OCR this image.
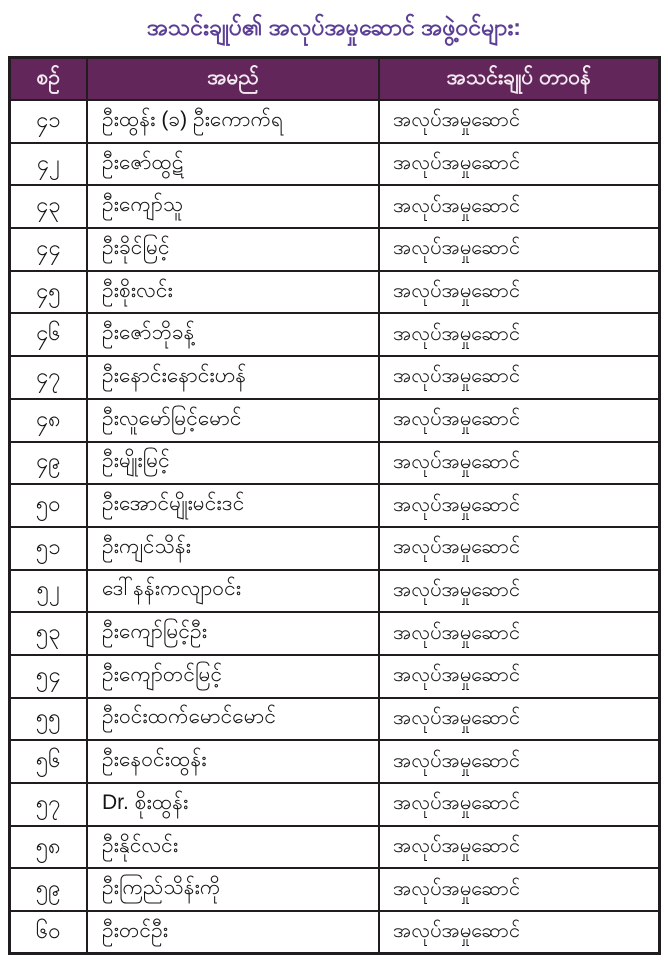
အသင်းချုပ်၏ အလုပ်အမှုဆောင် အဖွဲ့ဝင်များ:
စဉ်	အမည်	အသင်းချုပ် တာဝန်
၄၁	ဦးထွန်း (ခ) ဦးကောက်ရ	အလုပ်အမှုဆောင်
၄၂	ဦးဇော်ထွဋ်	အလုပ်အမှုဆောင်
၄၃	ဦးကျော်သူ	အလုပ်အမှုဆောင်
၄၄	ဦးခိုင်မြင့်	အလုပ်အမှုဆောင်
၄၅	ဦးစိုးလင်း	အလုပ်အမှုဆောင်
၄၆	ဦးဇော်ဘိုခန့်	အလုပ်အမှုဆောင်
၄၇	ဦးနောင်းနောင်းဟန်	အလုပ်အမှုဆောင်
၄၈	ဦးလူမော်မြင့်မောင်	အလုပ်အမှုဆောင်
၄၉	ဦးမျိုးမြင့်	အလုပ်အမှုဆောင်
၅၀	ဦးအောင်မျိုးမင်းဒင်	အလုပ်အမှုဆောင်
၅၁	ဦးကျင်သိန်း	အလုပ်အမှုဆောင်
၅၂	ဒေါ်နန်းကလျာဝင်း	အလုပ်အမှုဆောင်
၅၃	ဦးကျော်မြင့်ဦး	အလုပ်အမှုဆောင်
၅၄	ဦးကျော်တင်မြင့်	အလုပ်အမှုဆောင်
၅၅	ဦးဝင်းထက်မောင်မောင်	အလုပ်အမှုဆောင်
၅၆	ဦးနေဝင်းထွန်း	အလုပ်အမှုဆောင်
၅၇	Dr. စိုးထွန်း	အလုပ်အမှုဆောင်
၅၈	ဦးနိုင်လင်း	အလုပ်အမှုဆောင်
၅၉	ဦးကြည်သိန်းကို	အလုပ်အမှုဆောင်
၆၀	ဦးတင်ဦး	အလုပ်အမှုဆောင်
